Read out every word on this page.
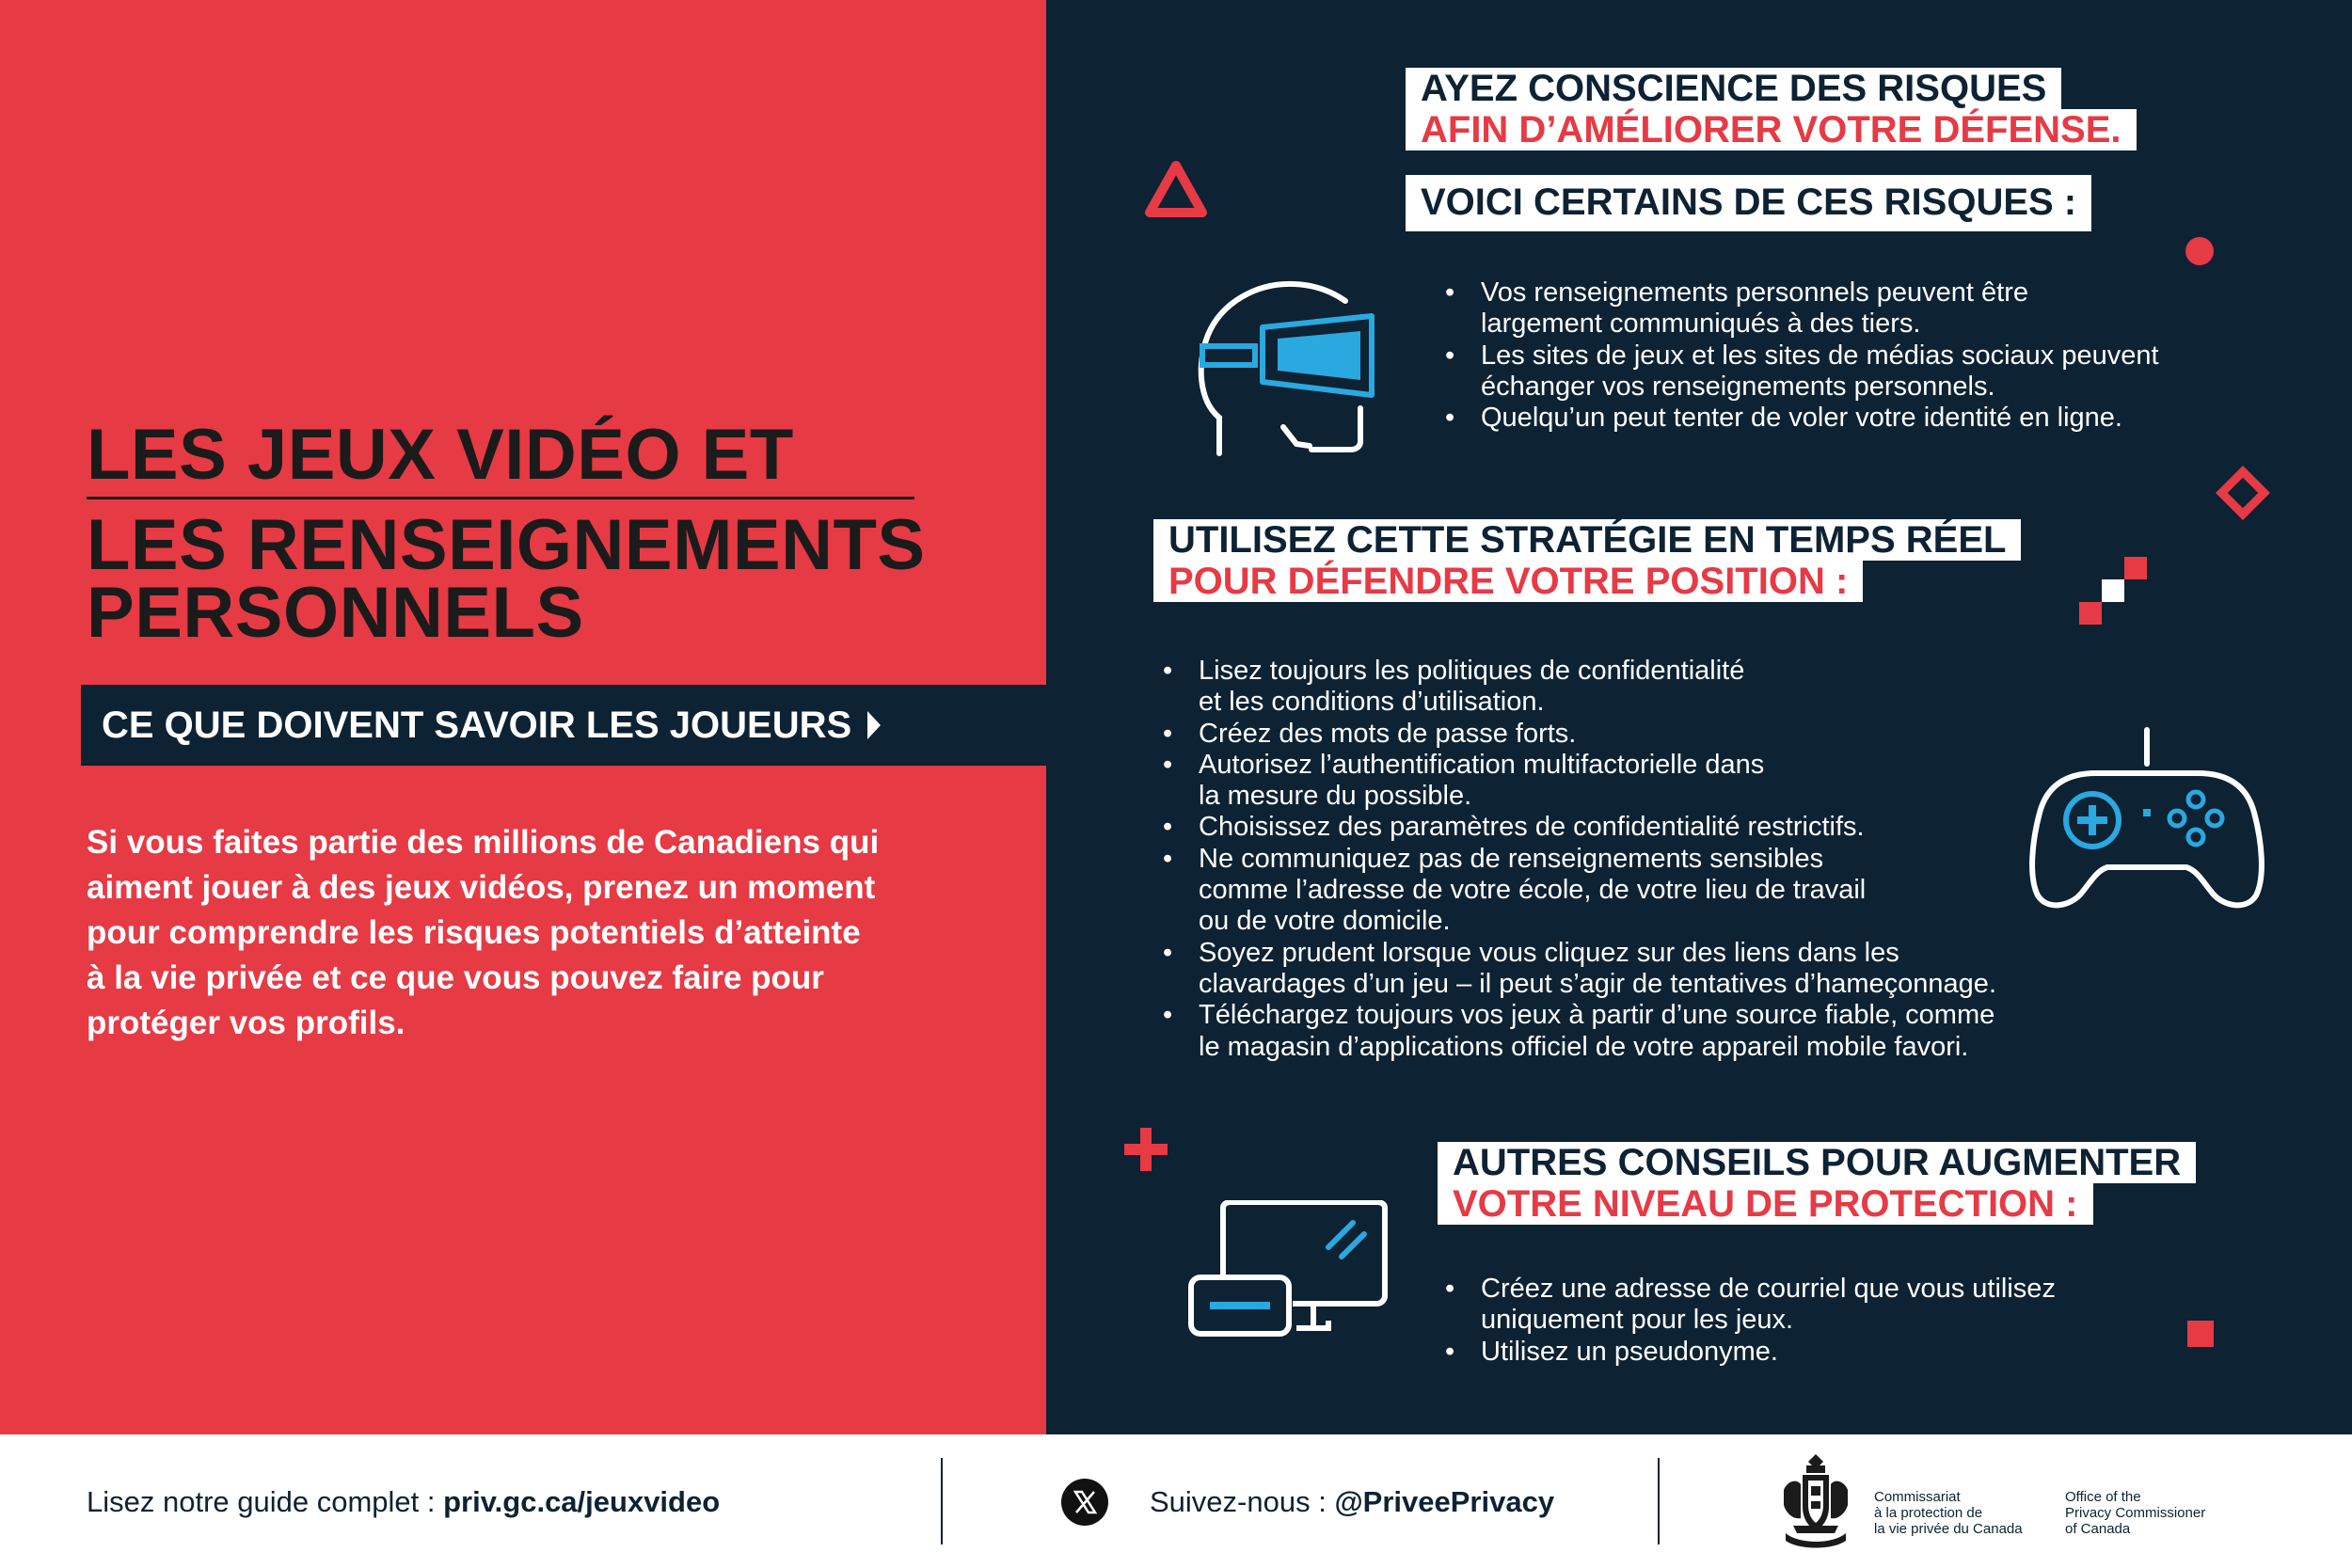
LES JEUX VIDÉO ET
LES RENSEIGNEMENTS
PERSONNELS
CE QUE DOIVENT SAVOIR LES JOUEURS
Si vous faites partie des millions de Canadiens qui
aiment jouer à des jeux vidéos, prenez un moment
pour comprendre les risques potentiels d’atteinte
à la vie privée et ce que vous pouvez faire pour
protéger vos profils.
AYEZ CONSCIENCE DES RISQUES
AFIN D’AMÉLIORER VOTRE DÉFENSE.
VOICI CERTAINS DE CES RISQUES :
• Vos renseignements personnels peuvent être
largement communiqués à des tiers.
• Les sites de jeux et les sites de médias sociaux peuvent
échanger vos renseignements personnels.
• Quelqu’un peut tenter de voler votre identité en ligne.
UTILISEZ CETTE STRATÉGIE EN TEMPS RÉEL
POUR DÉFENDRE VOTRE POSITION :
• Lisez toujours les politiques de confidentialité
et les conditions d’utilisation.
• Créez des mots de passe forts.
• Autorisez l’authentification multifactorielle dans
la mesure du possible.
• Choisissez des paramètres de confidentialité restrictifs.
• Ne communiquez pas de renseignements sensibles
comme l’adresse de votre école, de votre lieu de travail
ou de votre domicile.
• Soyez prudent lorsque vous cliquez sur des liens dans les
clavardages d’un jeu – il peut s’agir de tentatives d’hameçonnage.
• Téléchargez toujours vos jeux à partir d’une source fiable, comme
le magasin d’applications officiel de votre appareil mobile favori.
AUTRES CONSEILS POUR AUGMENTER
VOTRE NIVEAU DE PROTECTION :
• Créez une adresse de courriel que vous utilisez
uniquement pour les jeux.
• Utilisez un pseudonyme.
Lisez notre guide complet : priv.gc.ca/jeuxvideo	Suivez-nous : @PriveePrivacy	Commissariat
à la protection de
la vie privée du Canada
Office of the
Privacy Commissioner
of Canada
